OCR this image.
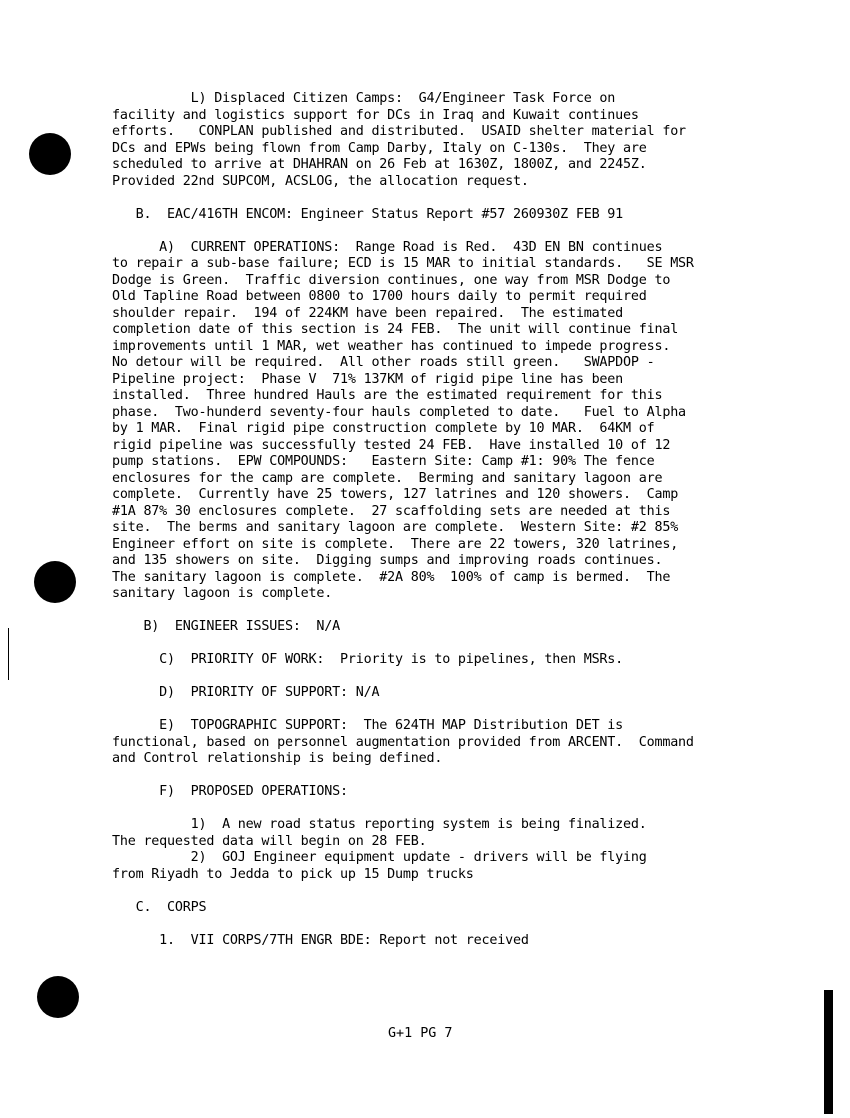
L) Displaced Citizen Camps:  G4/Engineer Task Force on
facility and logistics support for DCs in Iraq and Kuwait continues
efforts.   CONPLAN published and distributed.  USAID shelter material for
DCs and EPWs being flown from Camp Darby, Italy on C-130s.  They are
scheduled to arrive at DHAHRAN on 26 Feb at 1630Z, 1800Z, and 2245Z.
Provided 22nd SUPCOM, ACSLOG, the allocation request.
B.  EAC/416TH ENCOM: Engineer Status Report #57 260930Z FEB 91
A)  CURRENT OPERATIONS:  Range Road is Red.  43D EN BN continues
to repair a sub-base failure; ECD is 15 MAR to initial standards.   SE MSR
Dodge is Green.  Traffic diversion continues, one way from MSR Dodge to
Old Tapline Road between 0800 to 1700 hours daily to permit required
shoulder repair.  194 of 224KM have been repaired.  The estimated
completion date of this section is 24 FEB.  The unit will continue final
improvements until 1 MAR, wet weather has continued to impede progress.
No detour will be required.  All other roads still green.   SWAPDOP -
Pipeline project:  Phase V  71% 137KM of rigid pipe line has been
installed.  Three hundred Hauls are the estimated requirement for this
phase.  Two-hunderd seventy-four hauls completed to date.   Fuel to Alpha
by 1 MAR.  Final rigid pipe construction complete by 10 MAR.  64KM of
rigid pipeline was successfully tested 24 FEB.  Have installed 10 of 12
pump stations.  EPW COMPOUNDS:   Eastern Site: Camp #1: 90% The fence
enclosures for the camp are complete.  Berming and sanitary lagoon are
complete.  Currently have 25 towers, 127 latrines and 120 showers.  Camp
#1A 87% 30 enclosures complete.  27 scaffolding sets are needed at this
site.  The berms and sanitary lagoon are complete.  Western Site: #2 85%
Engineer effort on site is complete.  There are 22 towers, 320 latrines,
and 135 showers on site.  Digging sumps and improving roads continues.
The sanitary lagoon is complete.  #2A 80%  100% of camp is bermed.  The
sanitary lagoon is complete.
B)  ENGINEER ISSUES:  N/A
C)  PRIORITY OF WORK:  Priority is to pipelines, then MSRs.
D)  PRIORITY OF SUPPORT: N/A
E)  TOPOGRAPHIC SUPPORT:  The 624TH MAP Distribution DET is
functional, based on personnel augmentation provided from ARCENT.  Command
and Control relationship is being defined.
F)  PROPOSED OPERATIONS:
1)  A new road status reporting system is being finalized.
The requested data will begin on 28 FEB.
2)  GOJ Engineer equipment update - drivers will be flying
from Riyadh to Jedda to pick up 15 Dump trucks
C.  CORPS
1.  VII CORPS/7TH ENGR BDE: Report not received
G+1 PG 7
